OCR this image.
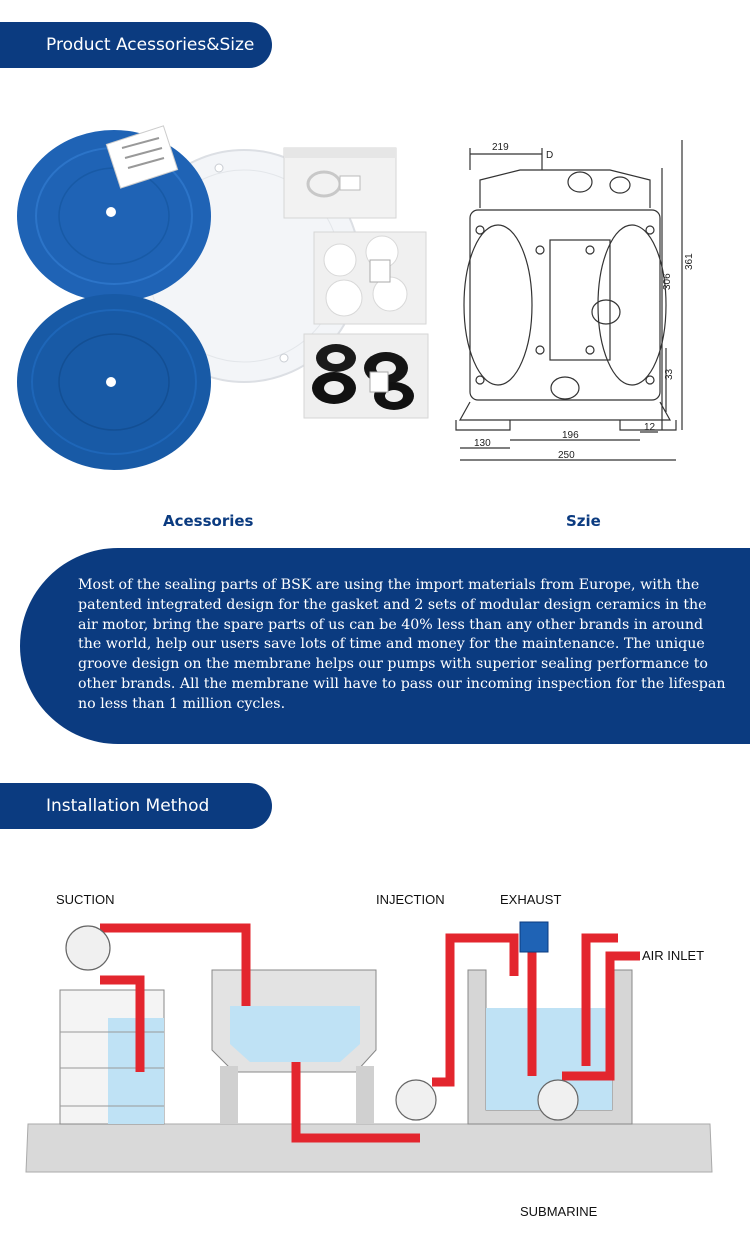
Product Acessories&Size
219
D
306
361
33
130
196
250
12
Acessories	Szie

Most of the sealing parts of BSK are using the import materials from Europe, with the patented integrated design for the gasket and 2 sets of modular design ceramics in the air motor, bring the spare parts of us can be 40% less than any other brands in around the world, help our users save lots of time and money for the maintenance. The unique groove design on the membrane helps our pumps with superior sealing performance to other brands. All the membrane will have to pass our incoming inspection for the lifespan no less than 1 million cycles.

Installation Method
SUCTION	INJECTION	EXHAUST
AIR INLET
SUBMARINE
